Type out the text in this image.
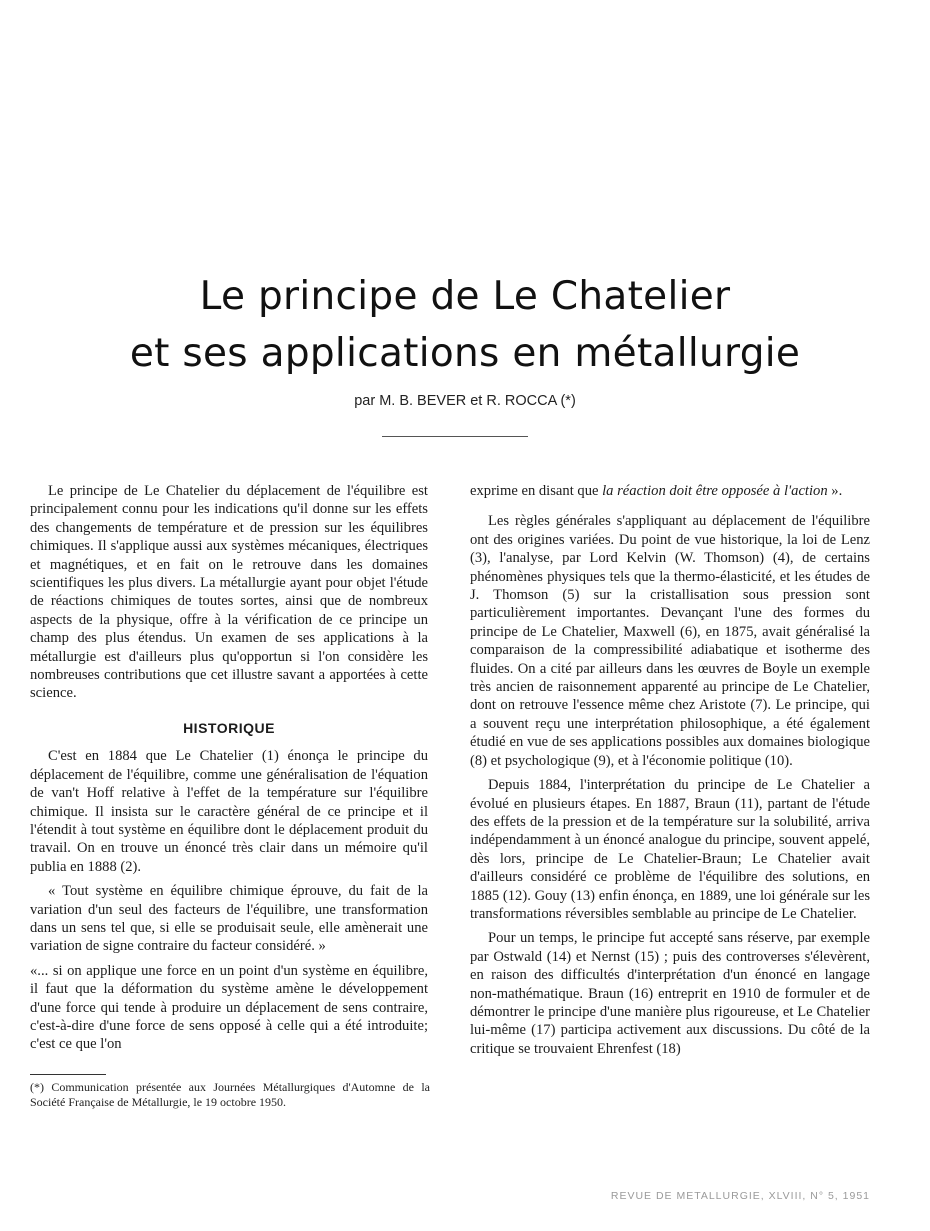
Le principe de Le Chatelier
et ses applications en métallurgie
par M. B. BEVER et R. ROCCA (*)

Le principe de Le Chatelier du déplacement de l'équilibre est principalement connu pour les indications qu'il donne sur les effets des changements de température et de pression sur les équilibres chimiques. Il s'applique aussi aux systèmes mécaniques, électriques et magnétiques, et en fait on le retrouve dans les domaines scientifiques les plus divers. La métallurgie ayant pour objet l'étude de réactions chimiques de toutes sortes, ainsi que de nombreux aspects de la physique, offre à la vérification de ce principe un champ des plus étendus. Un examen de ses applications à la métallurgie est d'ailleurs plus qu'opportun si l'on considère les nombreuses contributions que cet illustre savant a apportées à cette science.

HISTORIQUE

C'est en 1884 que Le Chatelier (1) énonça le principe du déplacement de l'équilibre, comme une généralisation de l'équation de van't Hoff relative à l'effet de la température sur l'équilibre chimique. Il insista sur le caractère général de ce principe et il l'étendit à tout système en équilibre dont le déplacement produit du travail. On en trouve un énoncé très clair dans un mémoire qu'il publia en 1888 (2).

« Tout système en équilibre chimique éprouve, du fait de la variation d'un seul des facteurs de l'équilibre, une transformation dans un sens tel que, si elle se produisait seule, elle amènerait une variation de signe contraire du facteur considéré. »

«... si on applique une force en un point d'un système en équilibre, il faut que la déformation du système amène le développement d'une force qui tende à produire un déplacement de sens contraire, c'est-à-dire d'une force de sens opposé à celle qui a été introduite; c'est ce que l'on

exprime en disant que la réaction doit être opposée à l'action ».

Les règles générales s'appliquant au déplacement de l'équilibre ont des origines variées. Du point de vue historique, la loi de Lenz (3), l'analyse, par Lord Kelvin (W. Thomson) (4), de certains phénomènes physiques tels que la thermo-élasticité, et les études de J. Thomson (5) sur la cristallisation sous pression sont particulièrement importantes. Devançant l'une des formes du principe de Le Chatelier, Maxwell (6), en 1875, avait généralisé la comparaison de la compressibilité adiabatique et isotherme des fluides. On a cité par ailleurs dans les œuvres de Boyle un exemple très ancien de raisonnement apparenté au principe de Le Chatelier, dont on retrouve l'essence même chez Aristote (7). Le principe, qui a souvent reçu une interprétation philosophique, a été également étudié en vue de ses applications possibles aux domaines biologique (8) et psychologique (9), et à l'économie politique (10).

Depuis 1884, l'interprétation du principe de Le Chatelier a évolué en plusieurs étapes. En 1887, Braun (11), partant de l'étude des effets de la pression et de la température sur la solubilité, arriva indépendamment à un énoncé analogue du principe, souvent appelé, dès lors, principe de Le Chatelier-Braun; Le Chatelier avait d'ailleurs considéré ce problème de l'équilibre des solutions, en 1885 (12). Gouy (13) enfin énonça, en 1889, une loi générale sur les transformations réversibles semblable au principe de Le Chatelier.

Pour un temps, le principe fut accepté sans réserve, par exemple par Ostwald (14) et Nernst (15) ; puis des controverses s'élevèrent, en raison des difficultés d'interprétation d'un énoncé en langage non-mathématique. Braun (16) entreprit en 1910 de formuler et de démontrer le principe d'une manière plus rigoureuse, et Le Chatelier lui-même (17) participa activement aux discussions. Du côté de la critique se trouvaient Ehrenfest (18)

(*) Communication présentée aux Journées Métallurgiques d'Automne de la Société Française de Métallurgie, le 19 octobre 1950.
REVUE DE METALLURGIE, XLVIII, N° 5, 1951
